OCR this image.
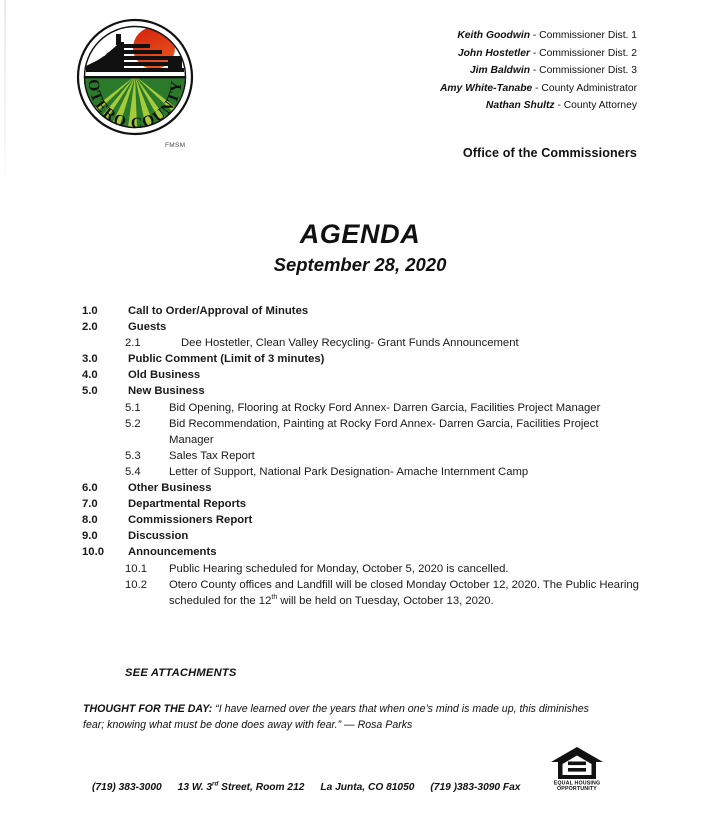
OTERO COUNTY
FMSM
Keith Goodwin - Commissioner Dist. 1
John Hostetler - Commissioner Dist. 2
Jim Baldwin - Commissioner Dist. 3
Amy White-Tanabe - County Administrator
Nathan Shultz - County Attorney
Office of the Commissioners
AGENDA
September 28, 2020
1.0	Call to Order/Approval of Minutes
2.0	Guests
2.1	Dee Hostetler, Clean Valley Recycling- Grant Funds Announcement
3.0	Public Comment (Limit of 3 minutes)
4.0	Old Business
5.0	New Business
5.1	Bid Opening, Flooring at Rocky Ford Annex- Darren Garcia, Facilities Project Manager
5.2	Bid Recommendation, Painting at Rocky Ford Annex- Darren Garcia, Facilities Project Manager
5.3	Sales Tax Report
5.4	Letter of Support, National Park Designation- Amache Internment Camp
6.0	Other Business
7.0	Departmental Reports
8.0	Commissioners Report
9.0	Discussion
10.0	Announcements
10.1	Public Hearing scheduled for Monday, October 5, 2020 is cancelled.
10.2	Otero County offices and Landfill will be closed Monday October 12, 2020. The Public Hearing scheduled for the 12th will be held on Tuesday, October 13, 2020.
SEE ATTACHMENTS
THOUGHT FOR THE DAY: “I have learned over the years that when one’s mind is made up, this diminishes fear; knowing what must be done does away with fear.” — Rosa Parks
EQUAL HOUSING
OPPORTUNITY
(719) 383-3000 13 W. 3rd Street, Room 212 La Junta, CO 81050 (719 )383-3090 Fax
